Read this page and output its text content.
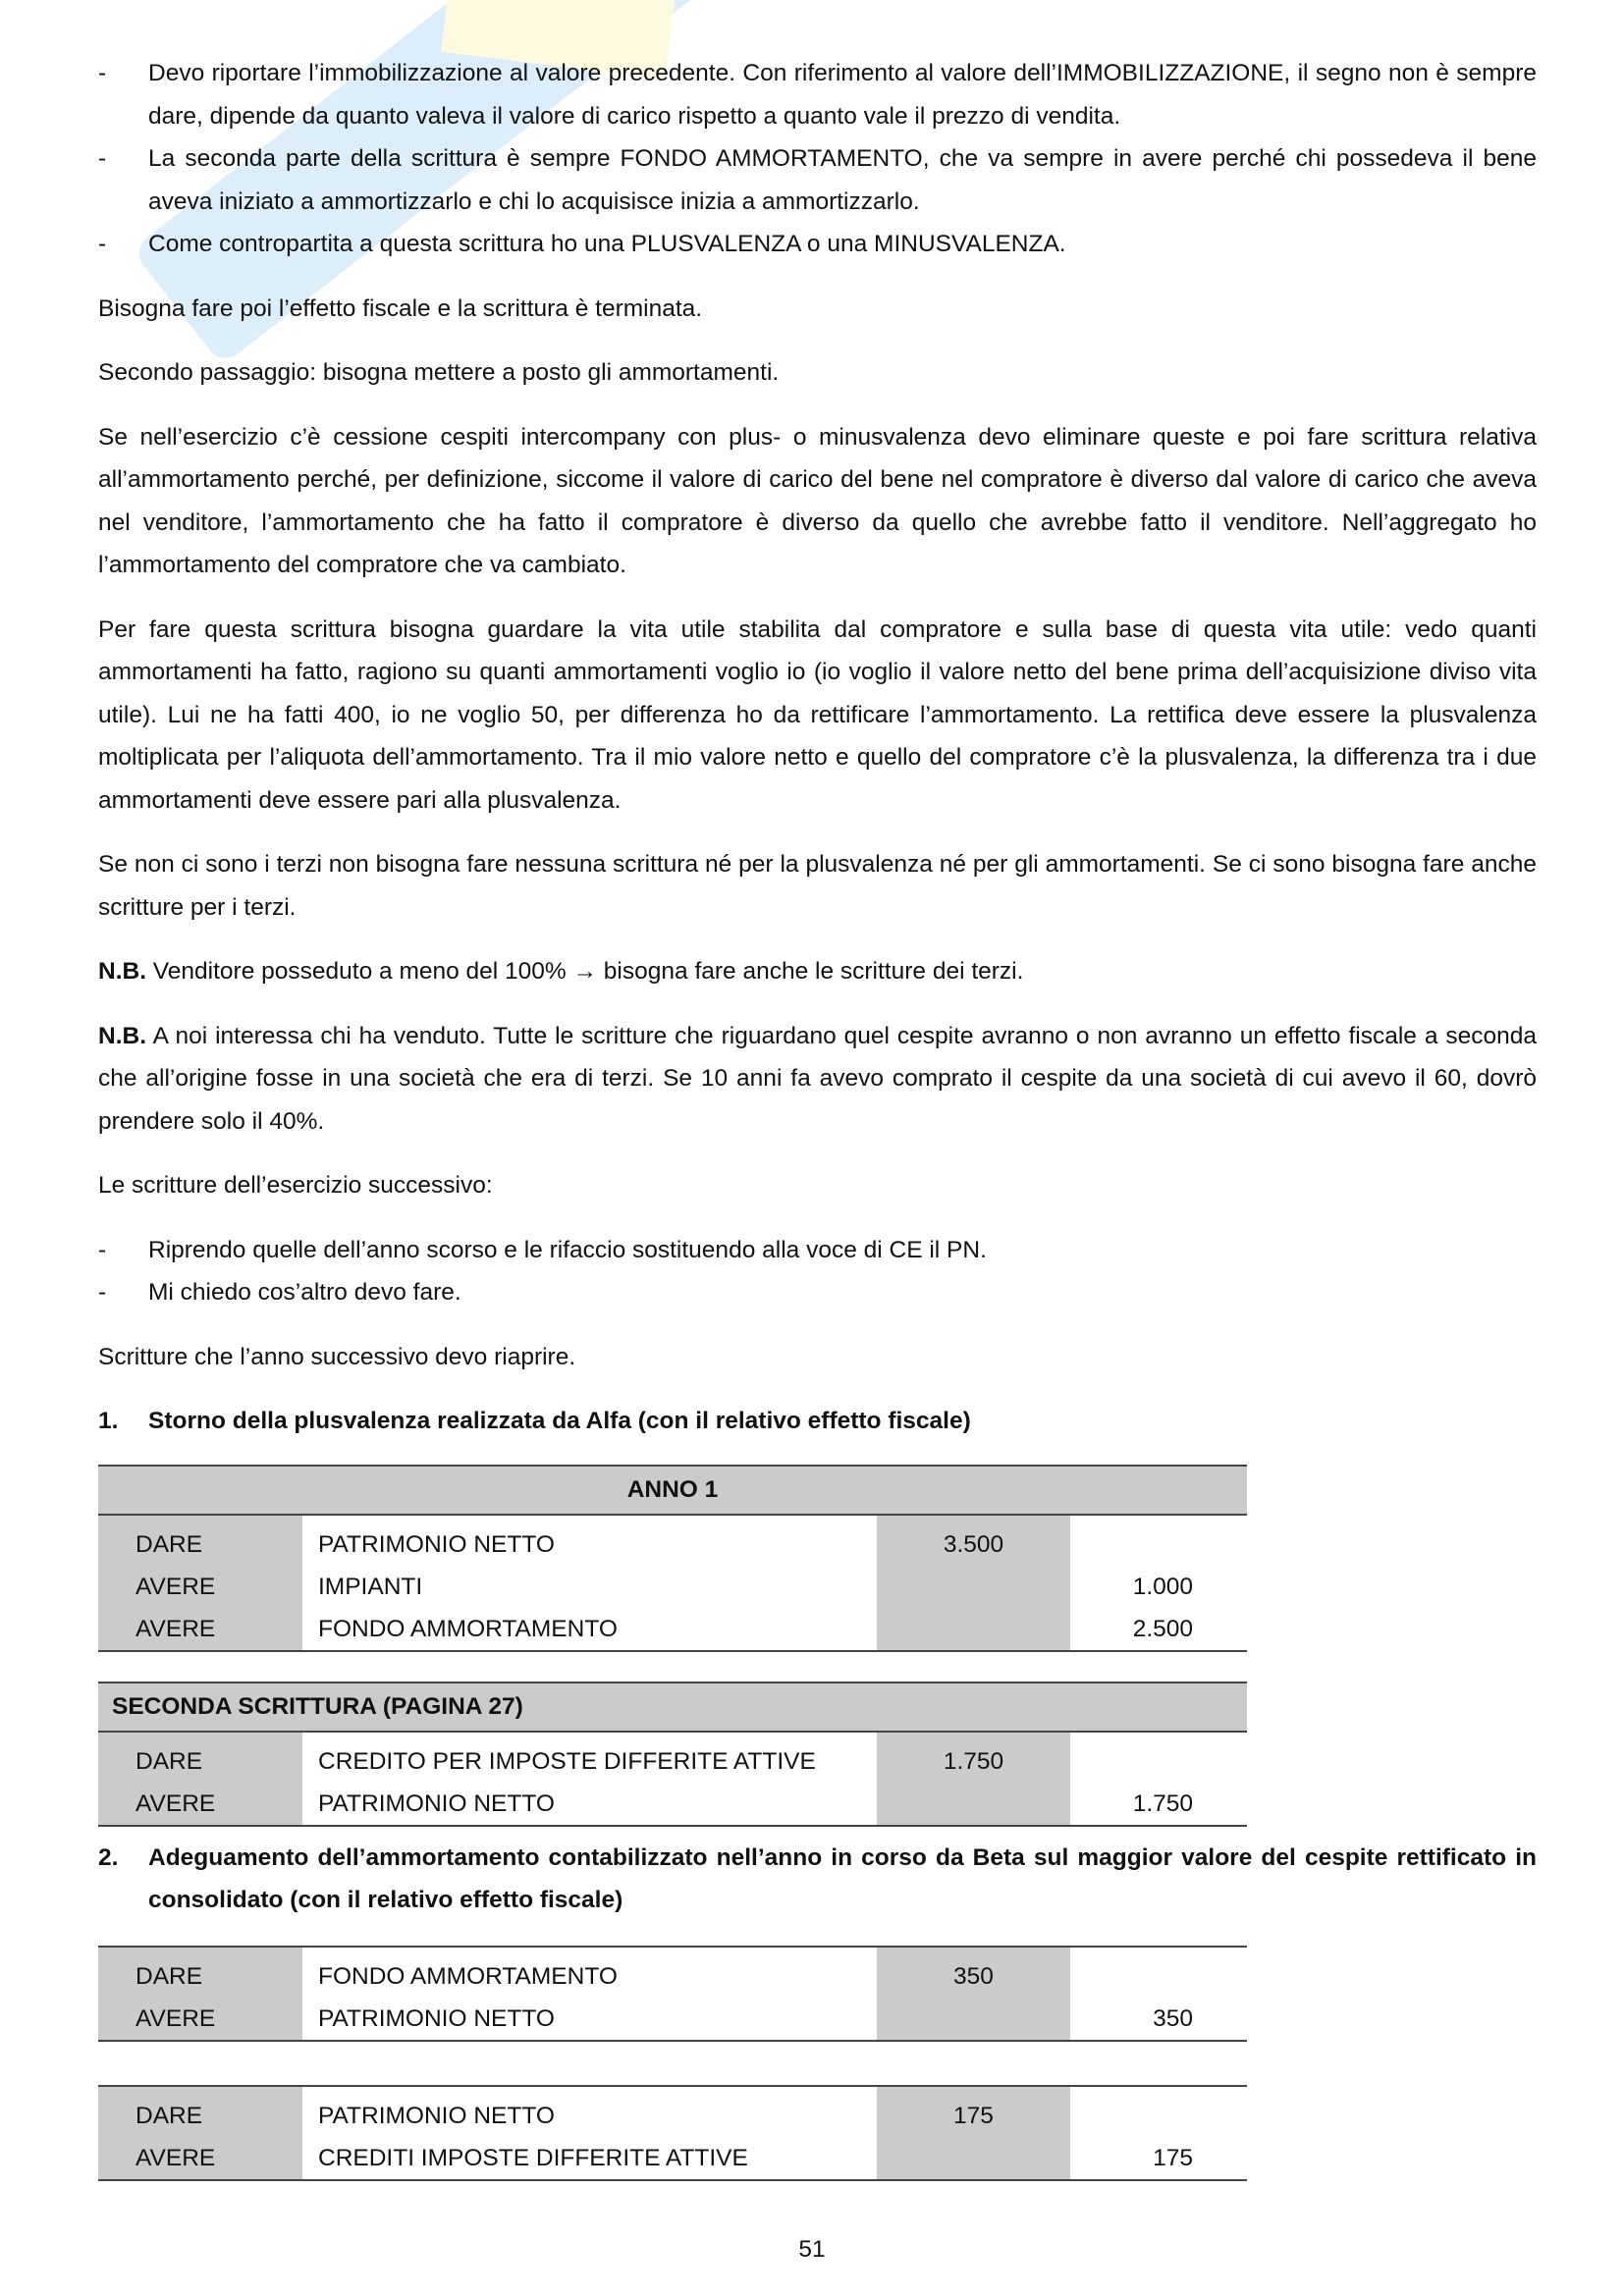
- Devo riportare l’immobilizzazione al valore precedente. Con riferimento al valore dell’IMMOBILIZZAZIONE, il segno non è sempre dare, dipende da quanto valeva il valore di carico rispetto a quanto vale il prezzo di vendita.
- La seconda parte della scrittura è sempre FONDO AMMORTAMENTO, che va sempre in avere perché chi possedeva il bene aveva iniziato a ammortizzarlo e chi lo acquisisce inizia a ammortizzarlo.
- Come contropartita a questa scrittura ho una PLUSVALENZA o una MINUSVALENZA.

Bisogna fare poi l’effetto fiscale e la scrittura è terminata.

Secondo passaggio: bisogna mettere a posto gli ammortamenti.

Se nell’esercizio c’è cessione cespiti intercompany con plus- o minusvalenza devo eliminare queste e poi fare scrittura relativa all’ammortamento perché, per definizione, siccome il valore di carico del bene nel compratore è diverso dal valore di carico che aveva nel venditore, l’ammortamento che ha fatto il compratore è diverso da quello che avrebbe fatto il venditore. Nell’aggregato ho l’ammortamento del compratore che va cambiato.

Per fare questa scrittura bisogna guardare la vita utile stabilita dal compratore e sulla base di questa vita utile: vedo quanti ammortamenti ha fatto, ragiono su quanti ammortamenti voglio io (io voglio il valore netto del bene prima dell’acquisizione diviso vita utile). Lui ne ha fatti 400, io ne voglio 50, per differenza ho da rettificare l’ammortamento. La rettifica deve essere la plusvalenza moltiplicata per l’aliquota dell’ammortamento. Tra il mio valore netto e quello del compratore c’è la plusvalenza, la differenza tra i due ammortamenti deve essere pari alla plusvalenza.

Se non ci sono i terzi non bisogna fare nessuna scrittura né per la plusvalenza né per gli ammortamenti. Se ci sono bisogna fare anche scritture per i terzi.

N.B. Venditore posseduto a meno del 100% → bisogna fare anche le scritture dei terzi.

N.B. A noi interessa chi ha venduto. Tutte le scritture che riguardano quel cespite avranno o non avranno un effetto fiscale a seconda che all’origine fosse in una società che era di terzi. Se 10 anni fa avevo comprato il cespite da una società di cui avevo il 60, dovrò prendere solo il 40%.

Le scritture dell’esercizio successivo:

- Riprendo quelle dell’anno scorso e le rifaccio sostituendo alla voce di CE il PN.
- Mi chiedo cos’altro devo fare.

Scritture che l’anno successivo devo riaprire.

1. Storno della plusvalenza realizzata da Alfa (con il relativo effetto fiscale)
ANNO 1			

DARE	PATRIMONIO NETTO	3.500	
AVERE	IMPIANTI		1.000
AVERE	FONDO AMMORTAMENTO		2.500
SECONDA SCRITTURA (PAGINA 27)			

DARE	CREDITO PER IMPOSTE DIFFERITE ATTIVE	1.750	
AVERE	PATRIMONIO NETTO		1.750
2. Adeguamento dell’ammortamento contabilizzato nell’anno in corso da Beta sul maggior valore del cespite rettificato in consolidato (con il relativo effetto fiscale)

DARE	FONDO AMMORTAMENTO	350	
AVERE	PATRIMONIO NETTO		350

DARE	PATRIMONIO NETTO	175	
AVERE	CREDITI IMPOSTE DIFFERITE ATTIVE		175
51
